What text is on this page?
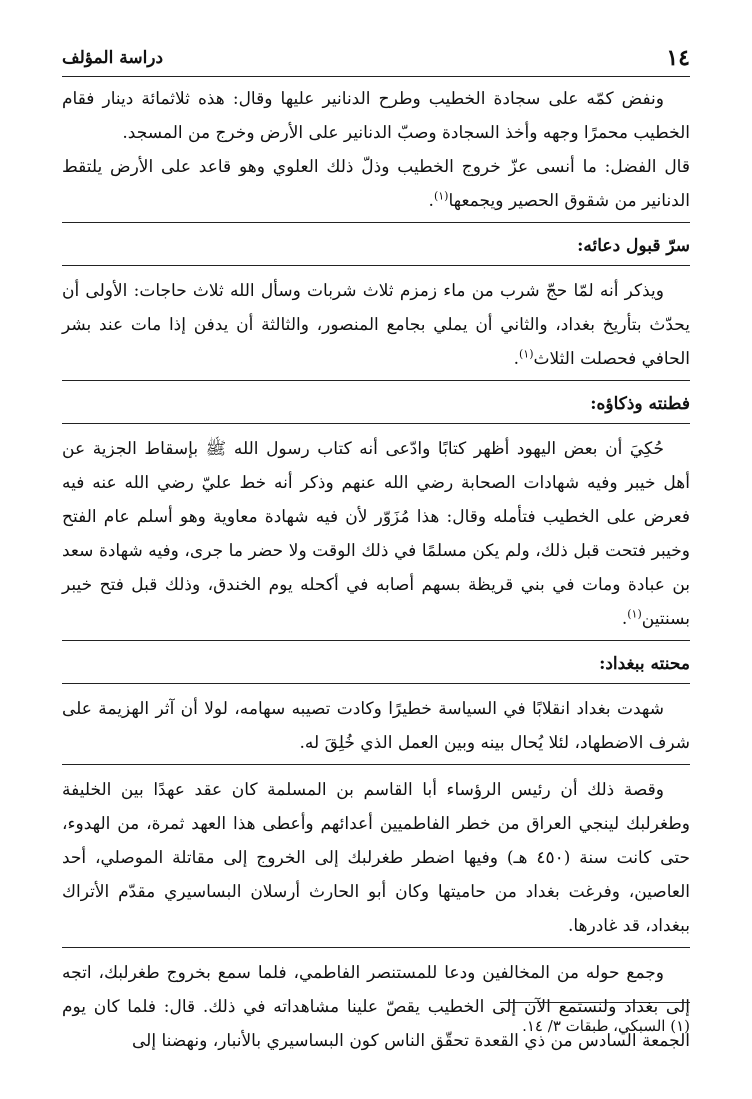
١٤
دراسة المؤلف

ونفض كمّه على سجادة الخطيب وطرح الدنانير عليها وقال: هذه ثلاثمائة دينار فقام الخطيب محمرًا وجهه وأخذ السجادة وصبّ الدنانير على الأرض وخرج من المسجد.

قال الفضل: ما أنسى عزّ خروج الخطيب وذلّ ذلك العلوي وهو قاعد على الأرض يلتقط الدنانير من شقوق الحصير ويجمعها$^{(١)}$.

سرّ قبول دعائه:

ويذكر أنه لمّا حجّ شرب من ماء زمزم ثلاث شربات وسأل الله ثلاث حاجات: الأولى أن يحدّث بتأريخ بغداد، والثاني أن يملي بجامع المنصور، والثالثة أن يدفن إذا مات عند بشر الحافي فحصلت الثلاث$^{(١)}$.

فطنته وذكاؤه:

حُكِيَ أن بعض اليهود أظهر كتابًا وادّعى أنه كتاب رسول الله ﷺ بإسقاط الجزية عن أهل خيبر وفيه شهادات الصحابة رضي الله عنهم وذكر أنه خط عليّ رضي الله عنه فيه فعرض على الخطيب فتأمله وقال: هذا مُزَوّر لأن فيه شهادة معاوية وهو أسلم عام الفتح وخيبر فتحت قبل ذلك، ولم يكن مسلمًا في ذلك الوقت ولا حضر ما جرى، وفيه شهادة سعد بن عبادة ومات في بني قريظة بسهم أصابه في أكحله يوم الخندق، وذلك قبل فتح خيبر بسنتين$^{(١)}$.

محنته ببغداد:

شهدت بغداد انقلابًا في السياسة خطيرًا وكادت تصيبه سهامه، لولا أن آثر الهزيمة على شرف الاضطهاد، لئلا يُحال بينه وبين العمل الذي خُلِقَ له.

وقصة ذلك أن رئيس الرؤساء أبا القاسم بن المسلمة كان عقد عهدًا بين الخليفة وطغرلبك لينجي العراق من خطر الفاطميين أعدائهم وأعطى هذا العهد ثمرة، من الهدوء، حتى كانت سنة (٤٥٠ هـ) وفيها اضطر طغرلبك إلى الخروج إلى مقاتلة الموصلي، أحد العاصين، وفرغت بغداد من حاميتها وكان أبو الحارث أرسلان البساسيري مقدّم الأتراك ببغداد، قد غادرها.

وجمع حوله من المخالفين ودعا للمستنصر الفاطمي، فلما سمع بخروج طغرلبك، اتجه إلى بغداد ولنستمع الآن إلى الخطيب يقصّ علينا مشاهداته في ذلك. قال: فلما كان يوم الجمعة السادس من ذي القعدة تحقّق الناس كون البساسيري بالأنبار، ونهضنا إلى

(١) السبكي، طبقات ٣/ ١٤.
